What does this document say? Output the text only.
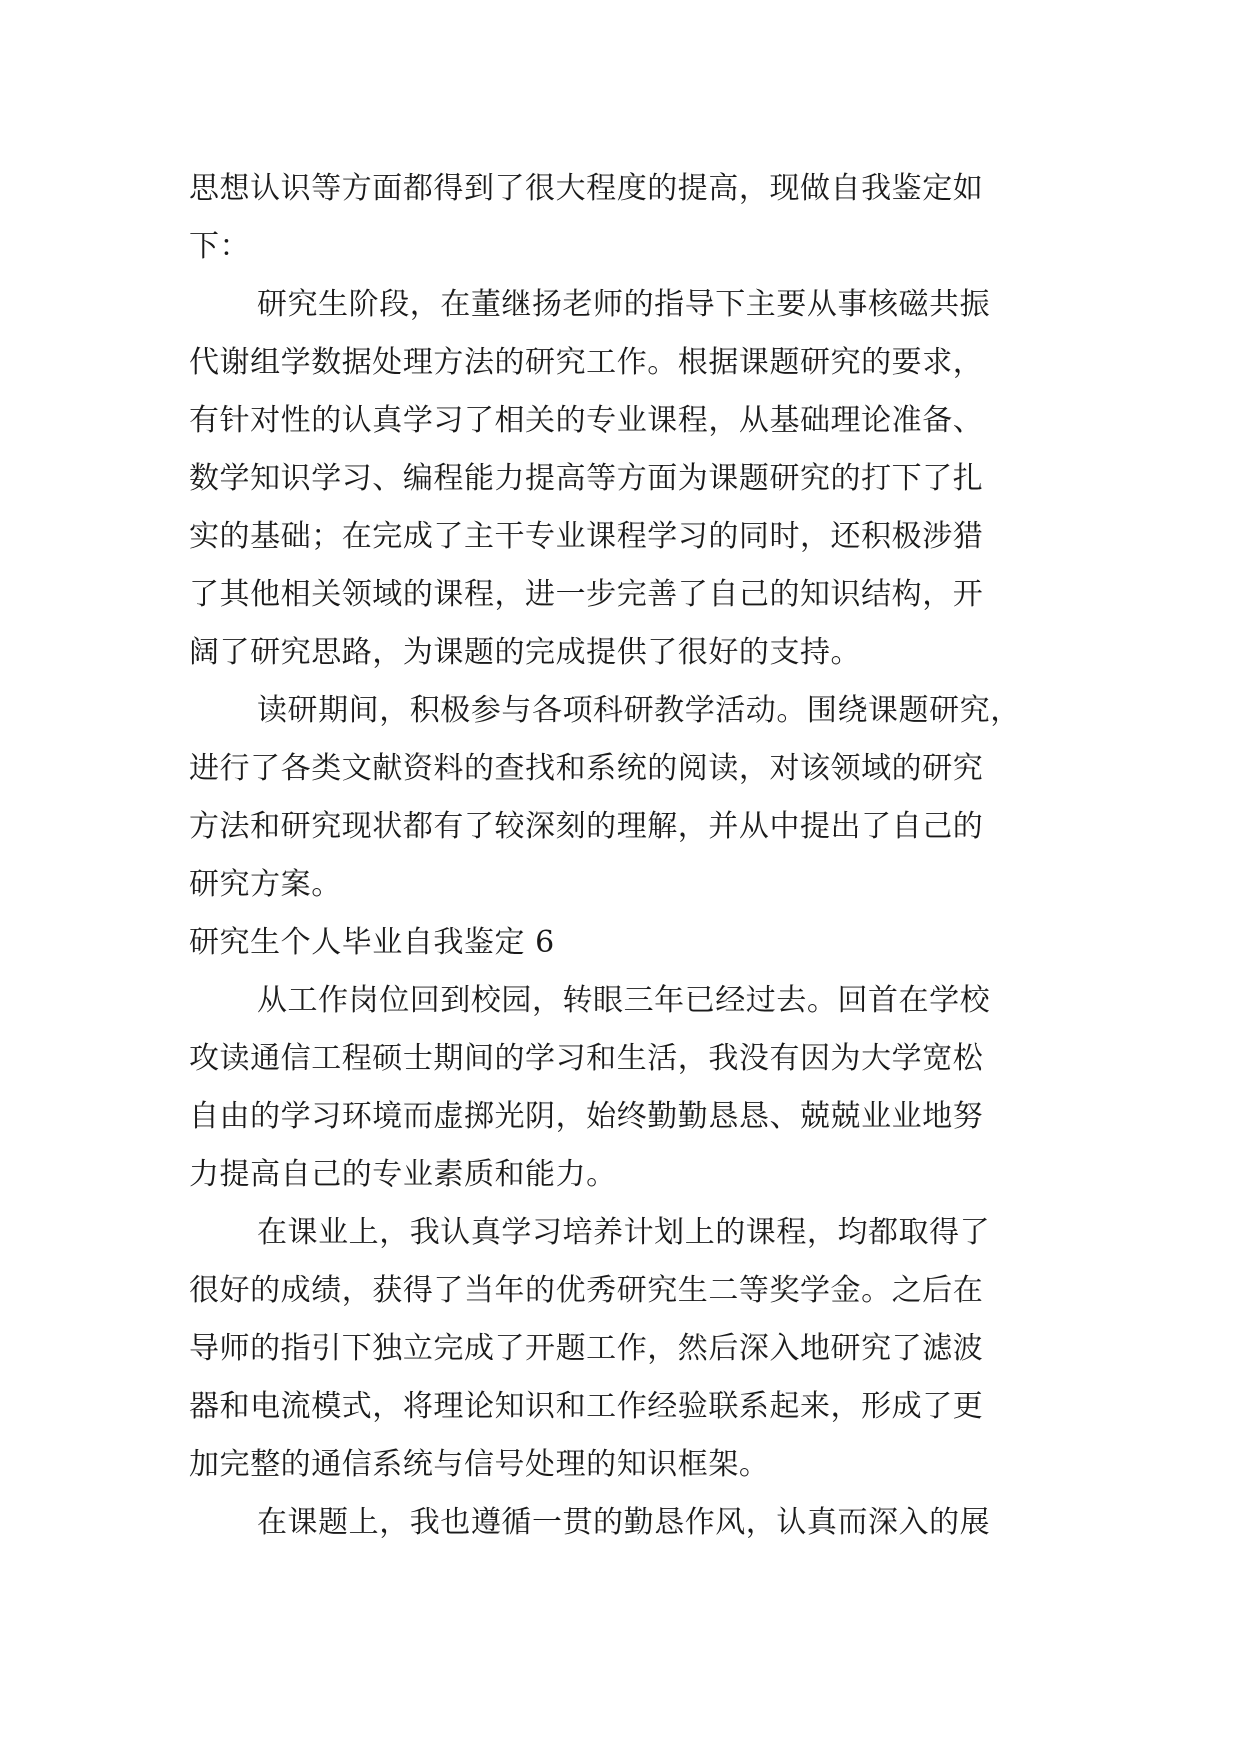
思想认识等方面都得到了很大程度的提高，现做自我鉴定如
下：
研究生阶段，在董继扬老师的指导下主要从事核磁共振
代谢组学数据处理方法的研究工作。根据课题研究的要求，
有针对性的认真学习了相关的专业课程，从基础理论准备、
数学知识学习、编程能力提高等方面为课题研究的打下了扎
实的基础；在完成了主干专业课程学习的同时，还积极涉猎
了其他相关领域的课程，进一步完善了自己的知识结构，开
阔了研究思路，为课题的完成提供了很好的支持。
读研期间，积极参与各项科研教学活动。围绕课题研究，
进行了各类文献资料的查找和系统的阅读，对该领域的研究
方法和研究现状都有了较深刻的理解，并从中提出了自己的
研究方案。
研究生个人毕业自我鉴定 6
从工作岗位回到校园，转眼三年已经过去。回首在学校
攻读通信工程硕士期间的学习和生活，我没有因为大学宽松
自由的学习环境而虚掷光阴，始终勤勤恳恳、兢兢业业地努
力提高自己的专业素质和能力。
在课业上，我认真学习培养计划上的课程，均都取得了
很好的成绩，获得了当年的优秀研究生二等奖学金。之后在
导师的指引下独立完成了开题工作，然后深入地研究了滤波
器和电流模式，将理论知识和工作经验联系起来，形成了更
加完整的通信系统与信号处理的知识框架。
在课题上，我也遵循一贯的勤恳作风，认真而深入的展
